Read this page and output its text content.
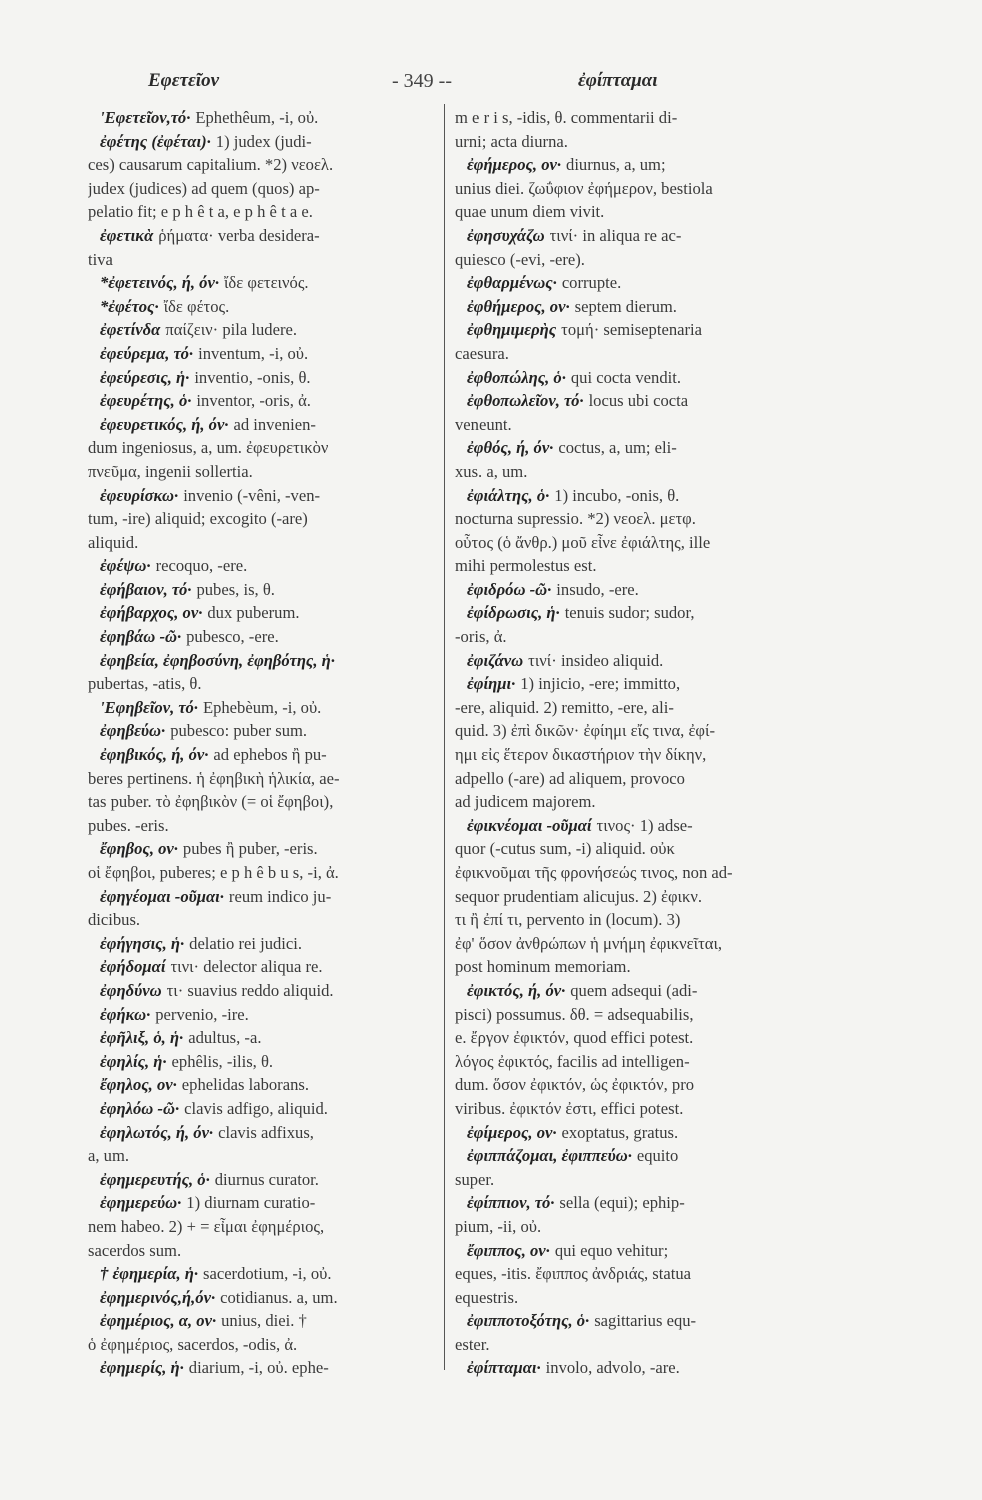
Εφετεῖον	- 349 --	ἐφίπταμαι
'Εφετεῖον,τό· Ephethêum, -i, οὐ.
ἐφέτης (ἐφέται)· 1) judex (judi-
ces) causarum capitalium. *2) νεοελ.
judex (judices) ad quem (quos) ap-
pelatio fit; e p h ê t a, e p h ê t a e.
ἐφετικὰ ῥήματα· verba desidera-
tiva
*ἐφετεινός, ή, όν· ἴδε φετεινός.
*ἐφέτος· ἴδε φέτος.
ἐφετίνδα παίζειν· pila ludere.
ἐφεύρεμα, τό· inventum, -i, οὐ.
ἐφεύρεσις, ἡ· inventio, -onis, θ.
ἐφευρέτης, ὁ· inventor, -oris, ἀ.
ἐφευρετικός, ή, όν· ad invenien-
dum ingeniosus, a, um. ἐφευρετικὸν
πνεῦμα, ingenii sollertia.
ἐφευρίσκω· invenio (-vêni, -ven-
tum, -ire) aliquid; excogito (-are)
aliquid.
ἐφέψω· recoquo, -ere.
ἐφήβαιον, τό· pubes, is, θ.
ἐφήβαρχος, ον· dux puberum.
ἐφηβάω -ῶ· pubesco, -ere.
ἐφηβεία, ἐφηβοσύνη, ἐφηβότης, ἡ·
pubertas, -atis, θ.
'Εφηβεῖον, τό· Ephebèum, -i, οὐ.
ἐφηβεύω· pubesco: puber sum.
ἐφηβικός, ή, όν· ad ephebos ἢ pu-
beres pertinens. ἡ ἐφηβικὴ ἡλικία, ae-
tas puber. τὸ ἐφηβικὸν (= οἱ ἔφηβοι),
pubes. -eris.
ἔφηβος, ον· pubes ἢ puber, -eris.
οἱ ἔφηβοι, puberes; e p h ê b u s, -i, ἀ.
ἐφηγέομαι -οῦμαι· reum indico ju-
dicibus.
ἐφήγησις, ἡ· delatio rei judici.
ἐφήδομαί τινι· delector aliqua re.
ἐφηδύνω τι· suavius reddo aliquid.
ἐφήκω· pervenio, -ire.
ἐφῆλιξ, ὁ, ἡ· adultus, -a.
ἐφηλίς, ἡ· ephêlis, -ilis, θ.
ἔφηλος, ον· ephelidas laborans.
ἐφηλόω -ῶ· clavis adfigo, aliquid.
ἐφηλωτός, ή, όν· clavis adfixus,
a, um.
ἐφημερευτής, ὁ· diurnus curator.
ἐφημερεύω· 1) diurnam curatio-
nem habeo. 2) + = εἶμαι ἐφημέριος,
sacerdos sum.
† ἐφημερία, ἡ· sacerdotium, -i, οὐ.
ἐφημερινός,ή,όν· cotidianus. a, um.
ἐφημέριος, α, ον· unius, diei. †
ὁ ἐφημέριος, sacerdos, -odis, ἀ.
ἐφημερίς, ἡ· diarium, -i, οὐ. ephe-
m e r i s, -idis, θ. commentarii di-
urni; acta diurna.
ἐφήμερος, ον· diurnus, a, um;
unius diei. ζωΰφιον ἐφήμερον, bestiola
quae unum diem vivit.
ἐφησυχάζω τινί· in aliqua re ac-
quiesco (-evi, -ere).
ἐφθαρμένως· corrupte.
ἐφθήμερος, ον· septem dierum.
ἐφθημιμερὴς τομή· semiseptenaria
caesura.
ἐφθοπώλης, ὁ· qui cocta vendit.
ἐφθοπωλεῖον, τό· locus ubi cocta
veneunt.
ἐφθός, ή, όν· coctus, a, um; eli-
xus. a, um.
ἐφιάλτης, ὁ· 1) incubo, -onis, θ.
nocturna supressio. *2) νεοελ. μετφ.
οὗτος (ὁ ἄνθρ.) μοῦ εἶνε ἐφιάλτης, ille
mihi permolestus est.
ἐφιδρόω -ῶ· insudo, -ere.
ἐφίδρωσις, ἡ· tenuis sudor; sudor,
-oris, ἀ.
ἐφιζάνω τινί· insideo aliquid.
ἐφίημι· 1) injicio, -ere; immitto,
-ere, aliquid. 2) remitto, -ere, ali-
quid. 3) ἐπὶ δικῶν· ἐφίημι εἴς τινα, ἐφί-
ημι εἰς ἕτερον δικαστήριον τὴν δίκην,
adpello (-are) ad aliquem, provoco
ad judicem majorem.
ἐφικνέομαι -οῦμαί τινος· 1) adse-
quor (-cutus sum, -i) aliquid. οὐκ
ἐφικνοῦμαι τῆς φρονήσεώς τινος, non ad-
sequor prudentiam alicujus. 2) ἐφικν.
τι ἢ ἐπί τι, pervento in (locum). 3)
ἐφ' ὅσον ἀνθρώπων ἡ μνήμη ἐφικνεῖται,
post hominum memoriam.
ἐφικτός, ή, όν· quem adsequi (adi-
pisci) possumus. δθ. = adsequabilis,
e. ἔργον ἐφικτόν, quod effici potest.
λόγος ἐφικτός, facilis ad intelligen-
dum. ὅσον ἐφικτόν, ὡς ἐφικτόν, pro
viribus. ἐφικτόν ἐστι, effici potest.
ἐφίμερος, ον· exoptatus, gratus.
ἐφιππάζομαι, ἐφιππεύω· equito
super.
ἐφίππιον, τό· sella (equi); ephip-
pium, -ii, οὐ.
ἔφιππος, ον· qui equo vehitur;
eques, -itis. ἔφιππος ἀνδριάς, statua
equestris.
ἐφιπποτοξότης, ὁ· sagittarius equ-
ester.
ἐφίπταμαι· involo, advolo, -are.
